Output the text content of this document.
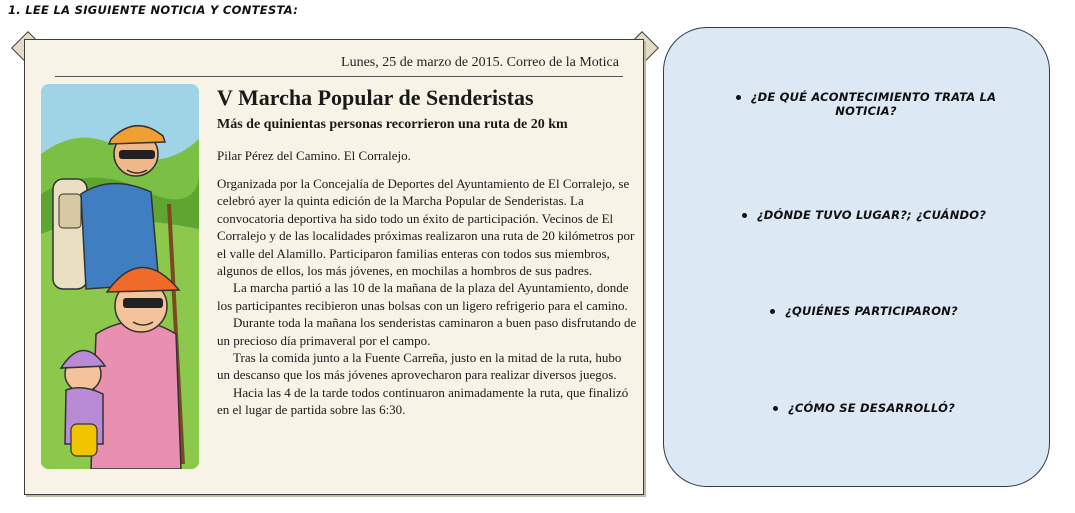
1. LEE LA SIGUIENTE NOTICIA Y CONTESTA:
Lunes, 25 de marzo de 2015. Correo de la Motica
V Marcha Popular de Senderistas

Más de quinientas personas recorrieron una ruta de 20 km

Pilar Pérez del Camino. El Corralejo.

Organizada por la Concejalía de Deportes del Ayuntamiento de El Corralejo, se celebró ayer la quinta edición de la Marcha Popular de Senderistas. La convocatoria deportiva ha sido todo un éxito de participación. Vecinos de El Corralejo y de las localidades próximas realizaron una ruta de 20 kilómetros por el valle del Alamillo. Participaron familias enteras con todos sus miembros, algunos de ellos, los más jóvenes, en mochilas a hombros de sus padres.

La marcha partió a las 10 de la mañana de la plaza del Ayuntamiento, donde los participantes recibieron unas bolsas con un ligero refrigerio para el camino.

Durante toda la mañana los senderistas caminaron a buen paso disfrutando de un precioso día primaveral por el campo.

Tras la comida junto a la Fuente Carreña, justo en la mitad de la ruta, hubo un descanso que los más jóvenes aprovecharon para realizar diversos juegos.

Hacia las 4 de la tarde todos continuaron animadamente la ruta, que finalizó en el lugar de partida sobre las 6:30.

¿DE QUÉ ACONTECIMIENTO TRATA LA NOTICIA?
¿DÓNDE TUVO LUGAR?; ¿CUÁNDO?
¿QUIÉNES PARTICIPARON?
¿CÓMO SE DESARROLLÓ?
